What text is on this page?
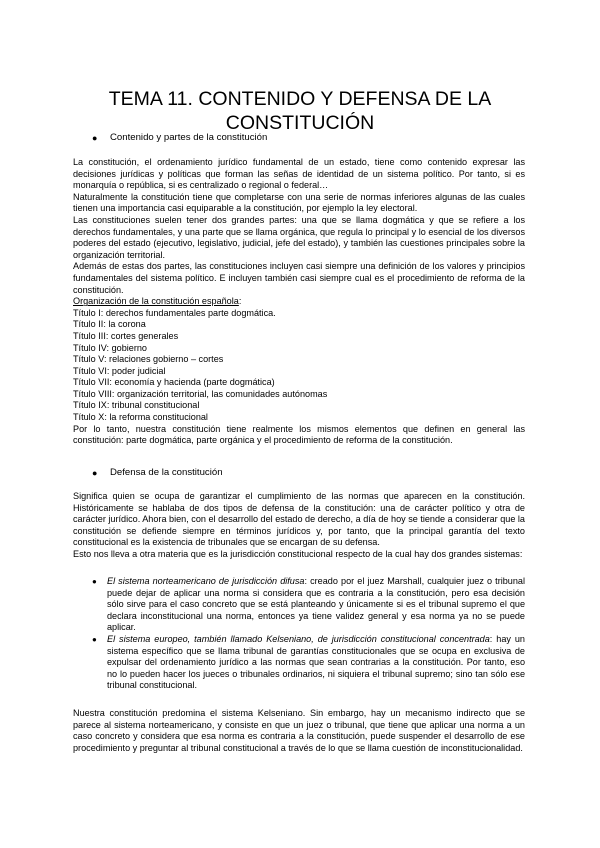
TEMA 11. CONTENIDO Y DEFENSA DE LA CONSTITUCIÓN
● Contenido y partes de la constitución

La constitución, el ordenamiento jurídico fundamental de un estado, tiene como contenido expresar las decisiones jurídicas y políticas que forman las señas de identidad de un sistema político. Por tanto, si es monarquía o república, si es centralizado o regional o federal…

Naturalmente la constitución tiene que completarse con una serie de normas inferiores algunas de las cuales tienen una importancia casi equiparable a la constitución, por ejemplo la ley electoral.

Las constituciones suelen tener dos grandes partes: una que se llama dogmática y que se refiere a los derechos fundamentales, y una parte que se llama orgánica, que regula lo principal y lo esencial de los diversos poderes del estado (ejecutivo, legislativo, judicial, jefe del estado), y también las cuestiones principales sobre la organización territorial.

Además de estas dos partes, las constituciones incluyen casi siempre una definición de los valores y principios fundamentales del sistema político. E incluyen también casi siempre cual es el procedimiento de reforma de la constitución.

Organización de la constitución española:

Título I: derechos fundamentales parte dogmática.

Título II: la corona

Título III: cortes generales

Título IV: gobierno

Título V: relaciones gobierno – cortes

Título VI: poder judicial

Título VII: economía y hacienda (parte dogmática)

Título VIII: organización territorial, las comunidades autónomas

Título IX: tribunal constitucional

Título X: la reforma constitucional

Por lo tanto, nuestra constitución tiene realmente los mismos elementos que definen en general las constitución: parte dogmática, parte orgánica y el procedimiento de reforma de la constitución.

● Defensa de la constitución

Significa quien se ocupa de garantizar el cumplimiento de las normas que aparecen en la constitución. Históricamente se hablaba de dos tipos de defensa de la constitución: una de carácter político y otra de carácter jurídico. Ahora bien, con el desarrollo del estado de derecho, a día de hoy se tiende a considerar que la constitución se defiende siempre en términos jurídicos y, por tanto, que la principal garantía del texto constitucional es la existencia de tribunales que se encargan de su defensa.

Esto nos lleva a otra materia que es la jurisdicción constitucional respecto de la cual hay dos grandes sistemas:

● El sistema norteamericano de jurisdicción difusa: creado por el juez Marshall, cualquier juez o tribunal puede dejar de aplicar una norma si considera que es contraria a la constitución, pero esa decisión sólo sirve para el caso concreto que se está planteando y únicamente si es el tribunal supremo el que declara inconstitucional una norma, entonces ya tiene validez general y esa norma ya no se puede aplicar.
● El sistema europeo, también llamado Kelseniano, de jurisdicción constitucional concentrada: hay un sistema específico que se llama tribunal de garantías constitucionales que se ocupa en exclusiva de expulsar del ordenamiento jurídico a las normas que sean contrarias a la constitución. Por tanto, eso no lo pueden hacer los jueces o tribunales ordinarios, ni siquiera el tribunal supremo; sino tan sólo ese tribunal constitucional.

Nuestra constitución predomina el sistema Kelseniano. Sin embargo, hay un mecanismo indirecto que se parece al sistema norteamericano, y consiste en que un juez o tribunal, que tiene que aplicar una norma a un caso concreto y considera que esa norma es contraria a la constitución, puede suspender el desarrollo de ese procedimiento y preguntar al tribunal constitucional a través de lo que se llama cuestión de inconstitucionalidad.
